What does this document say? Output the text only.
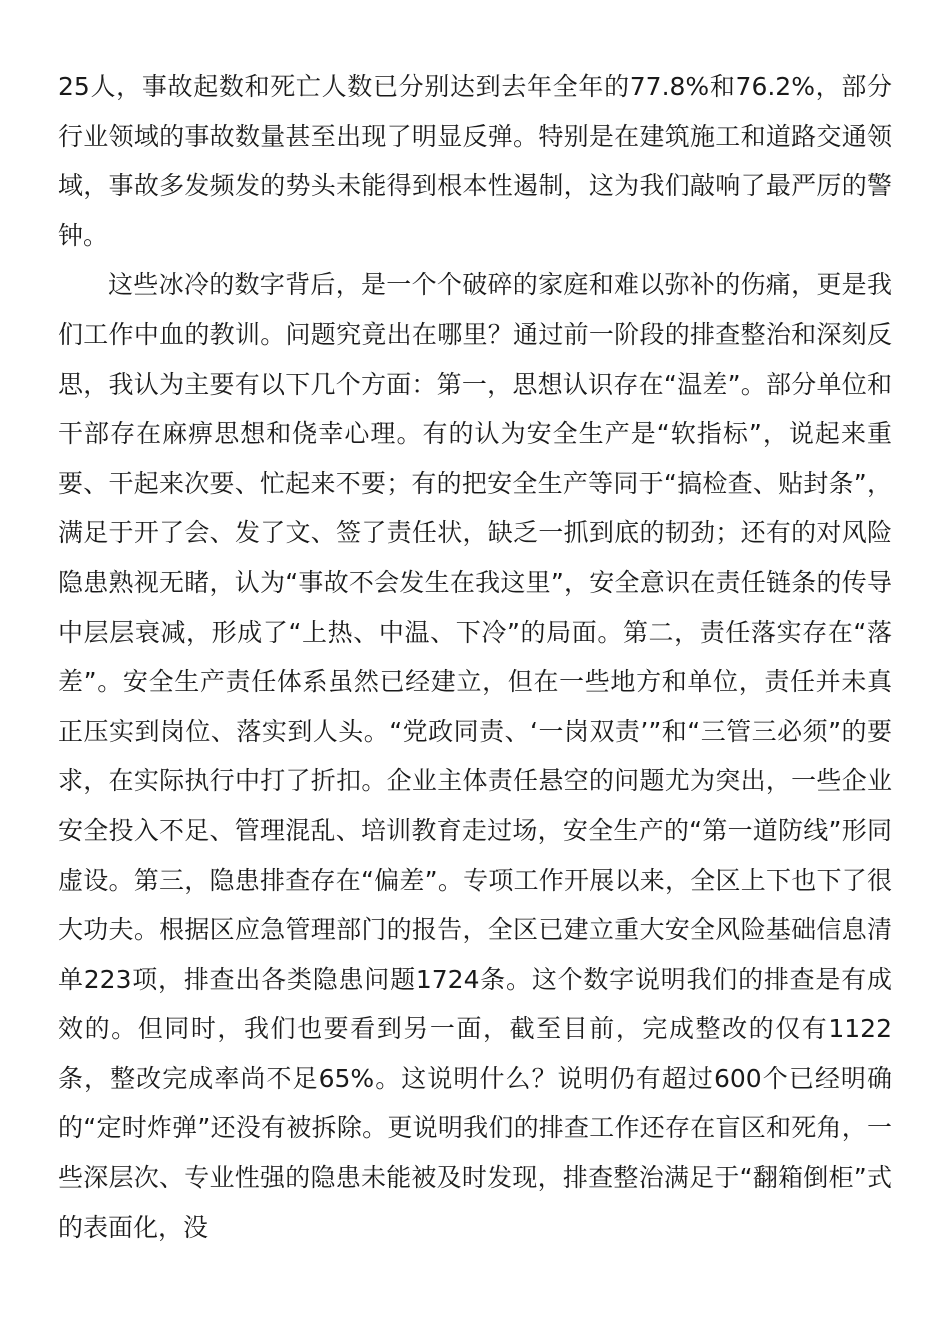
25人，事故起数和死亡人数已分别达到去年全年的77.8%和76.2%，部分行业领域的事故数量甚至出现了明显反弹。特别是在建筑施工和道路交通领域，事故多发频发的势头未能得到根本性遏制，这为我们敲响了最严厉的警钟。

这些冰冷的数字背后，是一个个破碎的家庭和难以弥补的伤痛，更是我们工作中血的教训。问题究竟出在哪里？通过前一阶段的排查整治和深刻反思，我认为主要有以下几个方面：第一，思想认识存在“温差”。部分单位和干部存在麻痹思想和侥幸心理。有的认为安全生产是“软指标”，说起来重要、干起来次要、忙起来不要；有的把安全生产等同于“搞检查、贴封条”，满足于开了会、发了文、签了责任状，缺乏一抓到底的韧劲；还有的对风险隐患熟视无睹，认为“事故不会发生在我这里”，安全意识在责任链条的传导中层层衰减，形成了“上热、中温、下冷”的局面。第二，责任落实存在“落差”。安全生产责任体系虽然已经建立，但在一些地方和单位，责任并未真正压实到岗位、落实到人头。“党政同责、‘一岗双责’”和“三管三必须”的要求，在实际执行中打了折扣。企业主体责任悬空的问题尤为突出，一些企业安全投入不足、管理混乱、培训教育走过场，安全生产的“第一道防线”形同虚设。第三，隐患排查存在“偏差”。专项工作开展以来，全区上下也下了很大功夫。根据区应急管理部门的报告，全区已建立重大安全风险基础信息清单223项，排查出各类隐患问题1724条。这个数字说明我们的排查是有成效的。但同时，我们也要看到另一面，截至目前，完成整改的仅有1122条，整改完成率尚不足65%。这说明什么？说明仍有超过600个已经明确的“定时炸弹”还没有被拆除。更说明我们的排查工作还存在盲区和死角，一些深层次、专业性强的隐患未能被及时发现，排查整治满足于“翻箱倒柜”式的表面化，没
